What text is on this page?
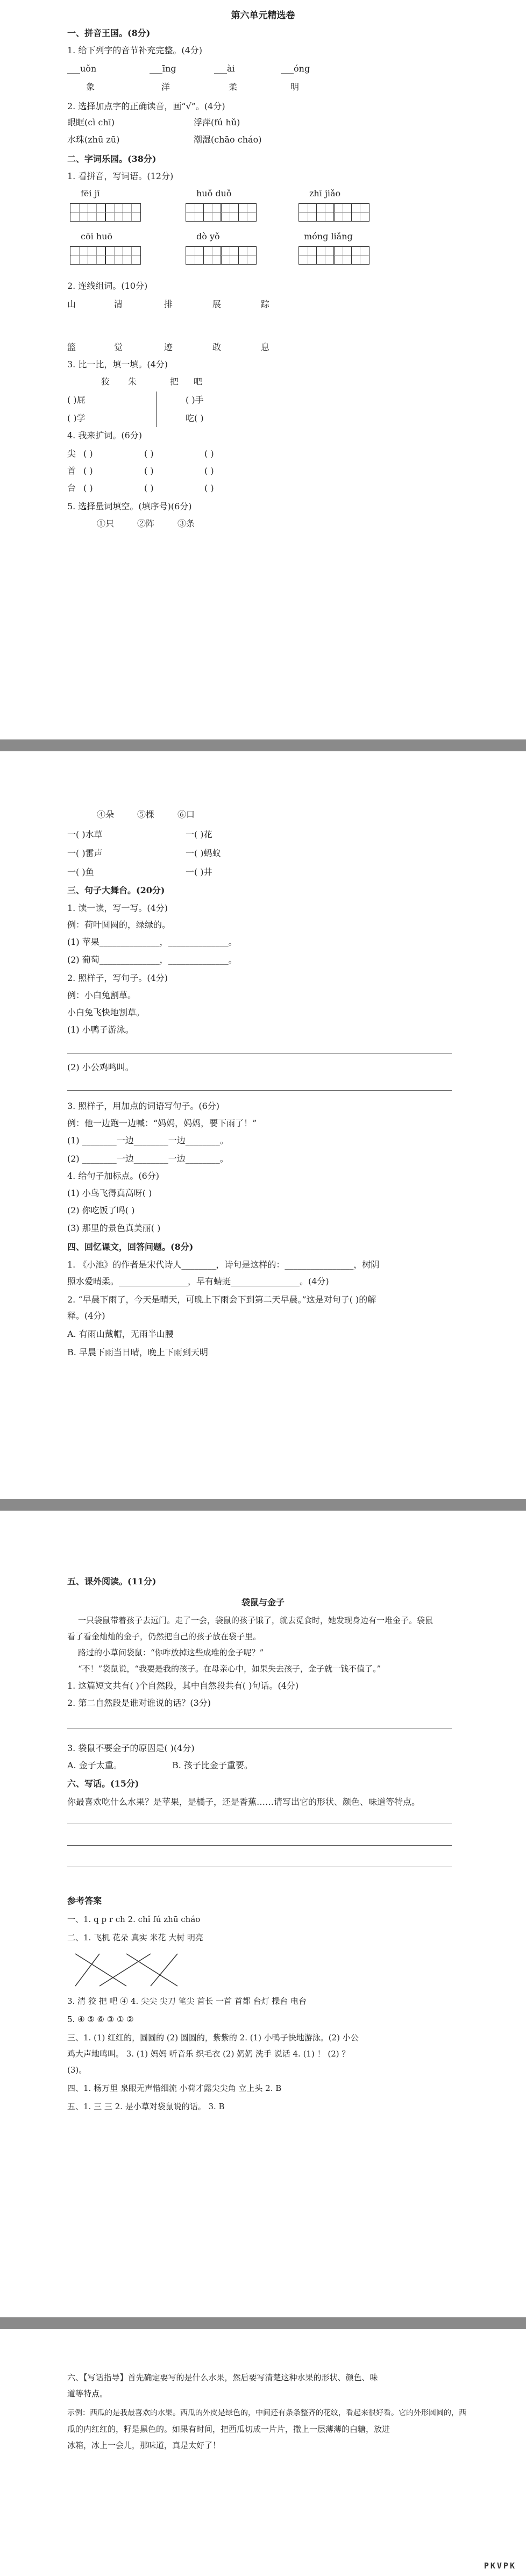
第六单元精选卷
一、拼音王国。(8分)
1. 给下列字的音节补充完整。(4分)
___uǒn	___īnɡ	___ài	___ónɡ
象	洋	柔	明
2. 选择加点字的正确读音，画“√”。(4分)
眼眶(cì chī)	浮萍(fú hǔ)
水珠(zhū zū)	潮湿(chāo cháo)
二、字词乐园。(38分)
1. 看拼音，写词语。(12分)
fēi jī	huǒ duǒ	zhī jiǎo
cōi huō	dò yǒ	mónɡ liǎnɡ
2. 连线组词。(10分)
山	清	排	展	踪
篮	觉	迹	敢	息
3. 比一比，填一填。(4分)
狡 朱	把 吧
( )屁	( )手
( )学	吃( )
4. 我来扩词。(6分)
尖 ( )	( )	( )
首 ( )	( )	( )
台 ( )	( )	( )
5. 选择量词填空。(填序号)(6分)
①只	②阵	③条
④朵	⑤棵	⑥口
一( )水草	一( )花
一( )雷声	一( )蚂蚁
一( )鱼	一( )井
三、句子大舞台。(20分)
1. 读一读，写一写。(4分)
例：荷叶圆圆的，绿绿的。
(1) 苹果______________，______________。
(2) 葡萄______________，______________。
2. 照样子，写句子。(4分)
例：小白兔割草。
小白兔飞快地割草。
(1) 小鸭子游泳。
(2) 小公鸡鸣叫。
3. 照样子，用加点的词语写句子。(6分)
例：他一边跑一边喊：“妈妈，妈妈，要下雨了！”
(1) ________一边________一边________。
(2) ________一边________一边________。
4. 给句子加标点。(6分)
(1) 小鸟飞得真高呀( )
(2) 你吃饭了吗( )
(3) 那里的景色真美丽( )
四、回忆课文，回答问题。(8分)
1. 《小池》的作者是宋代诗人________，诗句是这样的：________________，树阴
照水爱晴柔。________________，早有蜻蜓________________。(4分)
2. “早晨下雨了，今天是晴天，可晚上下雨会下到第二天早晨。”这是对句子( )的解
释。(4分)
A. 有雨山戴帽，无雨半山腰
B. 早晨下雨当日晴，晚上下雨到天明
五、课外阅读。(11分)
袋鼠与金子
一只袋鼠带着孩子去远门。走了一会，袋鼠的孩子饿了，就去觅食时，她发现身边有一堆金子。袋鼠
看了看金灿灿的金子，仍然把自己的孩子放在袋子里。
路过的小草问袋鼠：“你咋放掉这些成堆的金子呢？”
“不！”袋鼠说，“我要是我的孩子。在母亲心中，如果失去孩子，金子就一钱不值了。”
1. 这篇短文共有( )个自然段，其中自然段共有( )句话。(4分)
2. 第二自然段是谁对谁说的话？(3分)
3. 袋鼠不要金子的原因是( )(4分)
A. 金子太重。	B. 孩子比金子重要。
六、写话。(15分)
你最喜欢吃什么水果？是苹果，是橘子，还是香蕉……请写出它的形状、颜色、味道等特点。
参考答案
一、1. q p r ch 2. chǐ fú zhū cháo
二、1. 飞机 花朵 真实 米花 大树 明亮
3. 清 狡 把 吧 ④ 4. 尖尖 尖刀 笔尖 首长 一首 首都 台灯 操台 电台
5. ④ ⑤ ⑥ ③ ① ②
三、1. (1) 红红的，圆圆的 (2) 圆圆的，紫紫的 2. (1) 小鸭子快地游泳。(2) 小公
鸡大声地鸣叫。 3. (1) 妈妈 听音乐 织毛衣 (2) 奶奶 洗手 说话 4. (1) ！ (2) ？
(3)。
四、1. 杨万里 泉眼无声惜细流 小荷才露尖尖角 立上头 2. B
五、1. 三 三 2. 是小草对袋鼠说的话。 3. B
六、【写话指导】首先确定要写的是什么水果，然后要写清楚这种水果的形状、颜色、味
道等特点。
示例：西瓜的是我最喜欢的水果。西瓜的外皮是绿色的，中间还有条条整齐的花纹，看起来很好看。它的外形圆圆的，西
瓜的内红红的，籽是黑色的。如果有时间，把西瓜切成一片片，撒上一层薄薄的白糖，放进
冰箱，冰上一会儿，那味道，真是太好了！
PKVPK
